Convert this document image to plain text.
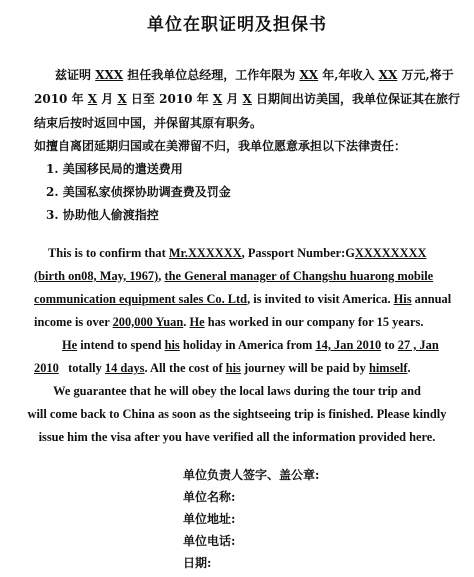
单位在职证明及担保书
兹证明 XXX 担任我单位总经理，工作年限为 XX 年,年收入 XX 万元,将于
2010 年 X 月 X 日至 2010 年 X 月 X 日期间出访美国，我单位保证其在旅行
结束后按时返回中国，并保留其原有职务。
如擅自离团延期归国或在美滞留不归，我单位愿意承担以下法律责任：
1. 美国移民局的遣送费用
2. 美国私家侦探协助调查费及罚金
3. 协助他人偷渡指控
This is to confirm that Mr.XXXXXX, Passport Number:GXXXXXXXX
(birth on08, May, 1967), the General manager of Changshu huarong mobile
communication equipment sales Co. Ltd, is invited to visit America. His annual
income is over 200,000 Yuan. He has worked in our company for 15 years.
He intend to spend his holiday in America from 14, Jan 2010 to 27 , Jan
2010   totally 14 days. All the cost of his journey will be paid by himself.
We guarantee that he will obey the local laws during the tour trip and
will come back to China as soon as the sightseeing trip is finished. Please kindly
issue him the visa after you have verified all the information provided here.
单位负责人签字、盖公章:
单位名称:
单位地址:
单位电话:
日期:
